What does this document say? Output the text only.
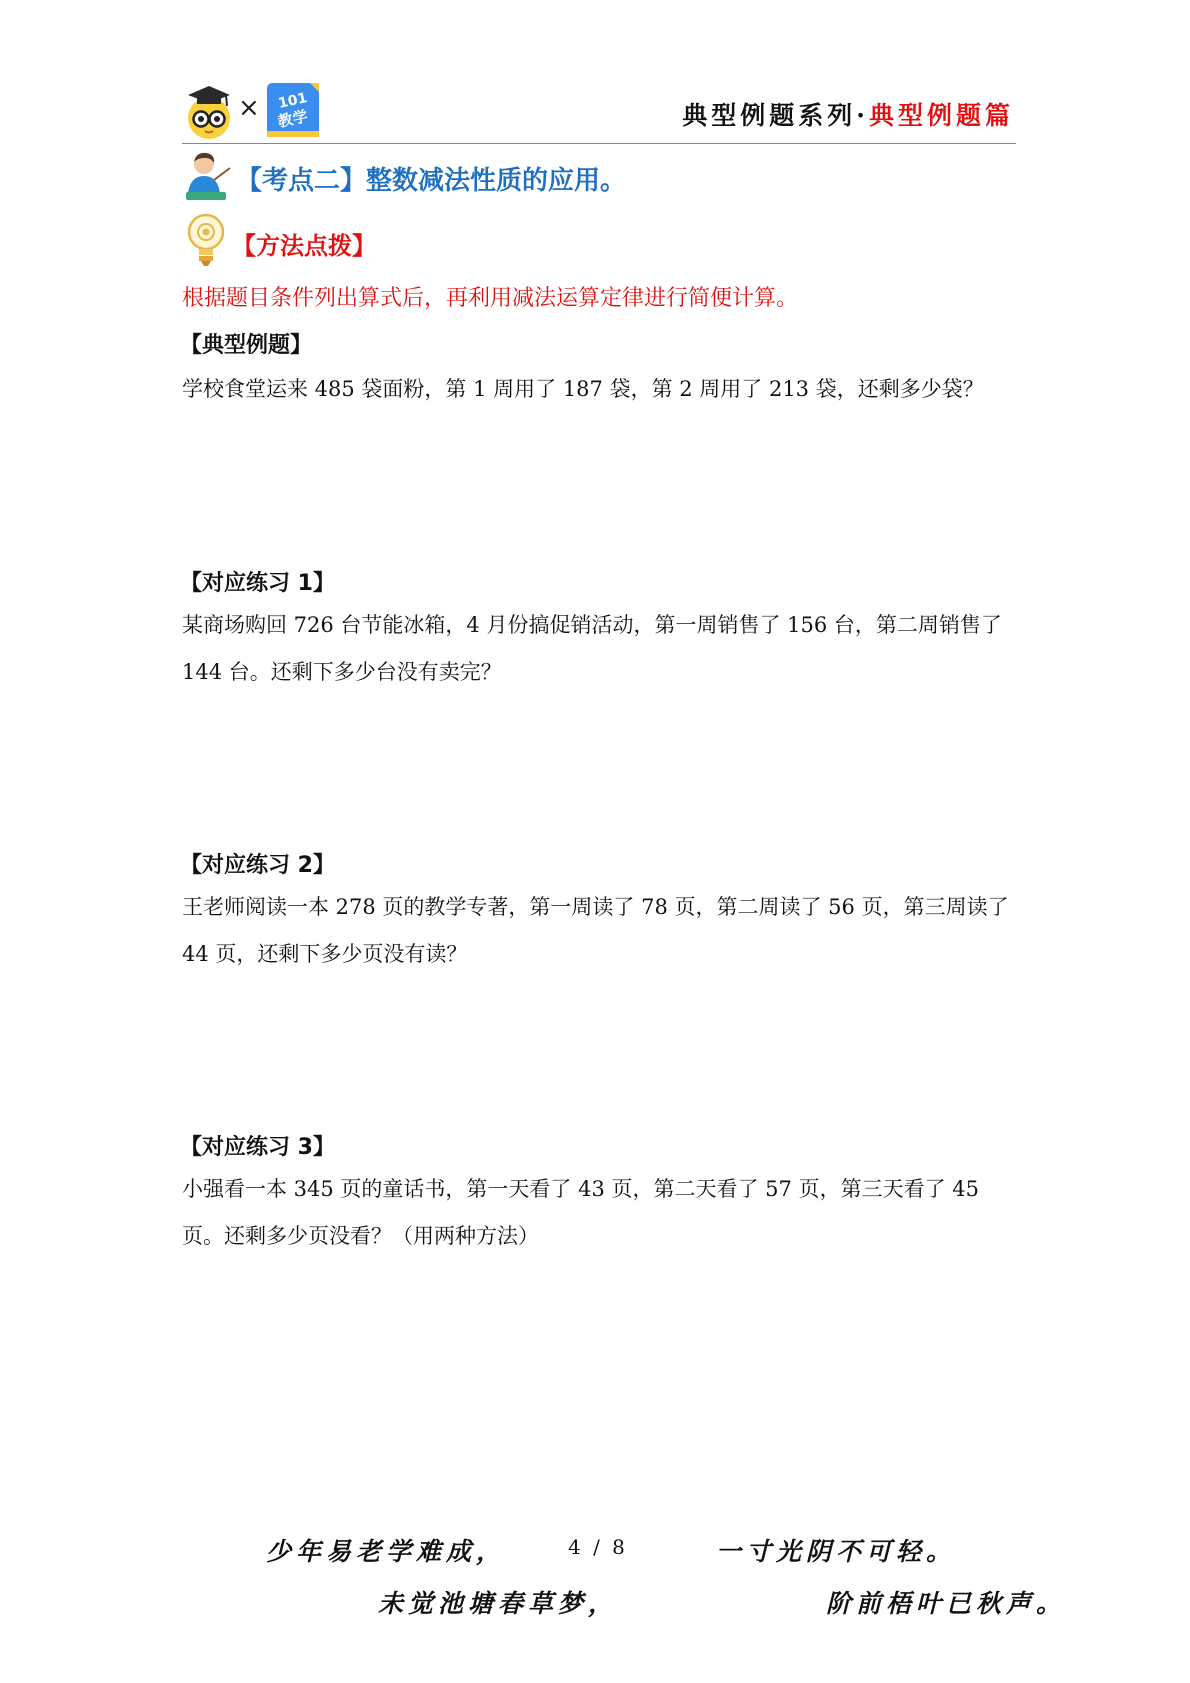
× 101
教学	典型例题系列·典型例题篇
【考点二】整数减法性质的应用。
【方法点拨】
根据题目条件列出算式后，再利用减法运算定律进行简便计算。
【典型例题】
学校食堂运来 485 袋面粉，第 1 周用了 187 袋，第 2 周用了 213 袋，还剩多少袋？
【对应练习 1】
某商场购回 726 台节能冰箱，4 月份搞促销活动，第一周销售了 156 台，第二周销售了 144 台。还剩下多少台没有卖完？
【对应练习 2】
王老师阅读一本 278 页的教学专著，第一周读了 78 页，第二周读了 56 页，第三周读了 44 页，还剩下多少页没有读？
【对应练习 3】
小强看一本 345 页的童话书，第一天看了 43 页，第二天看了 57 页，第三天看了 45 页。还剩多少页没看？（用两种方法）
少年易老学难成，	4 / 8	一寸光阴不可轻。
未觉池塘春草梦，	阶前梧叶已秋声。
